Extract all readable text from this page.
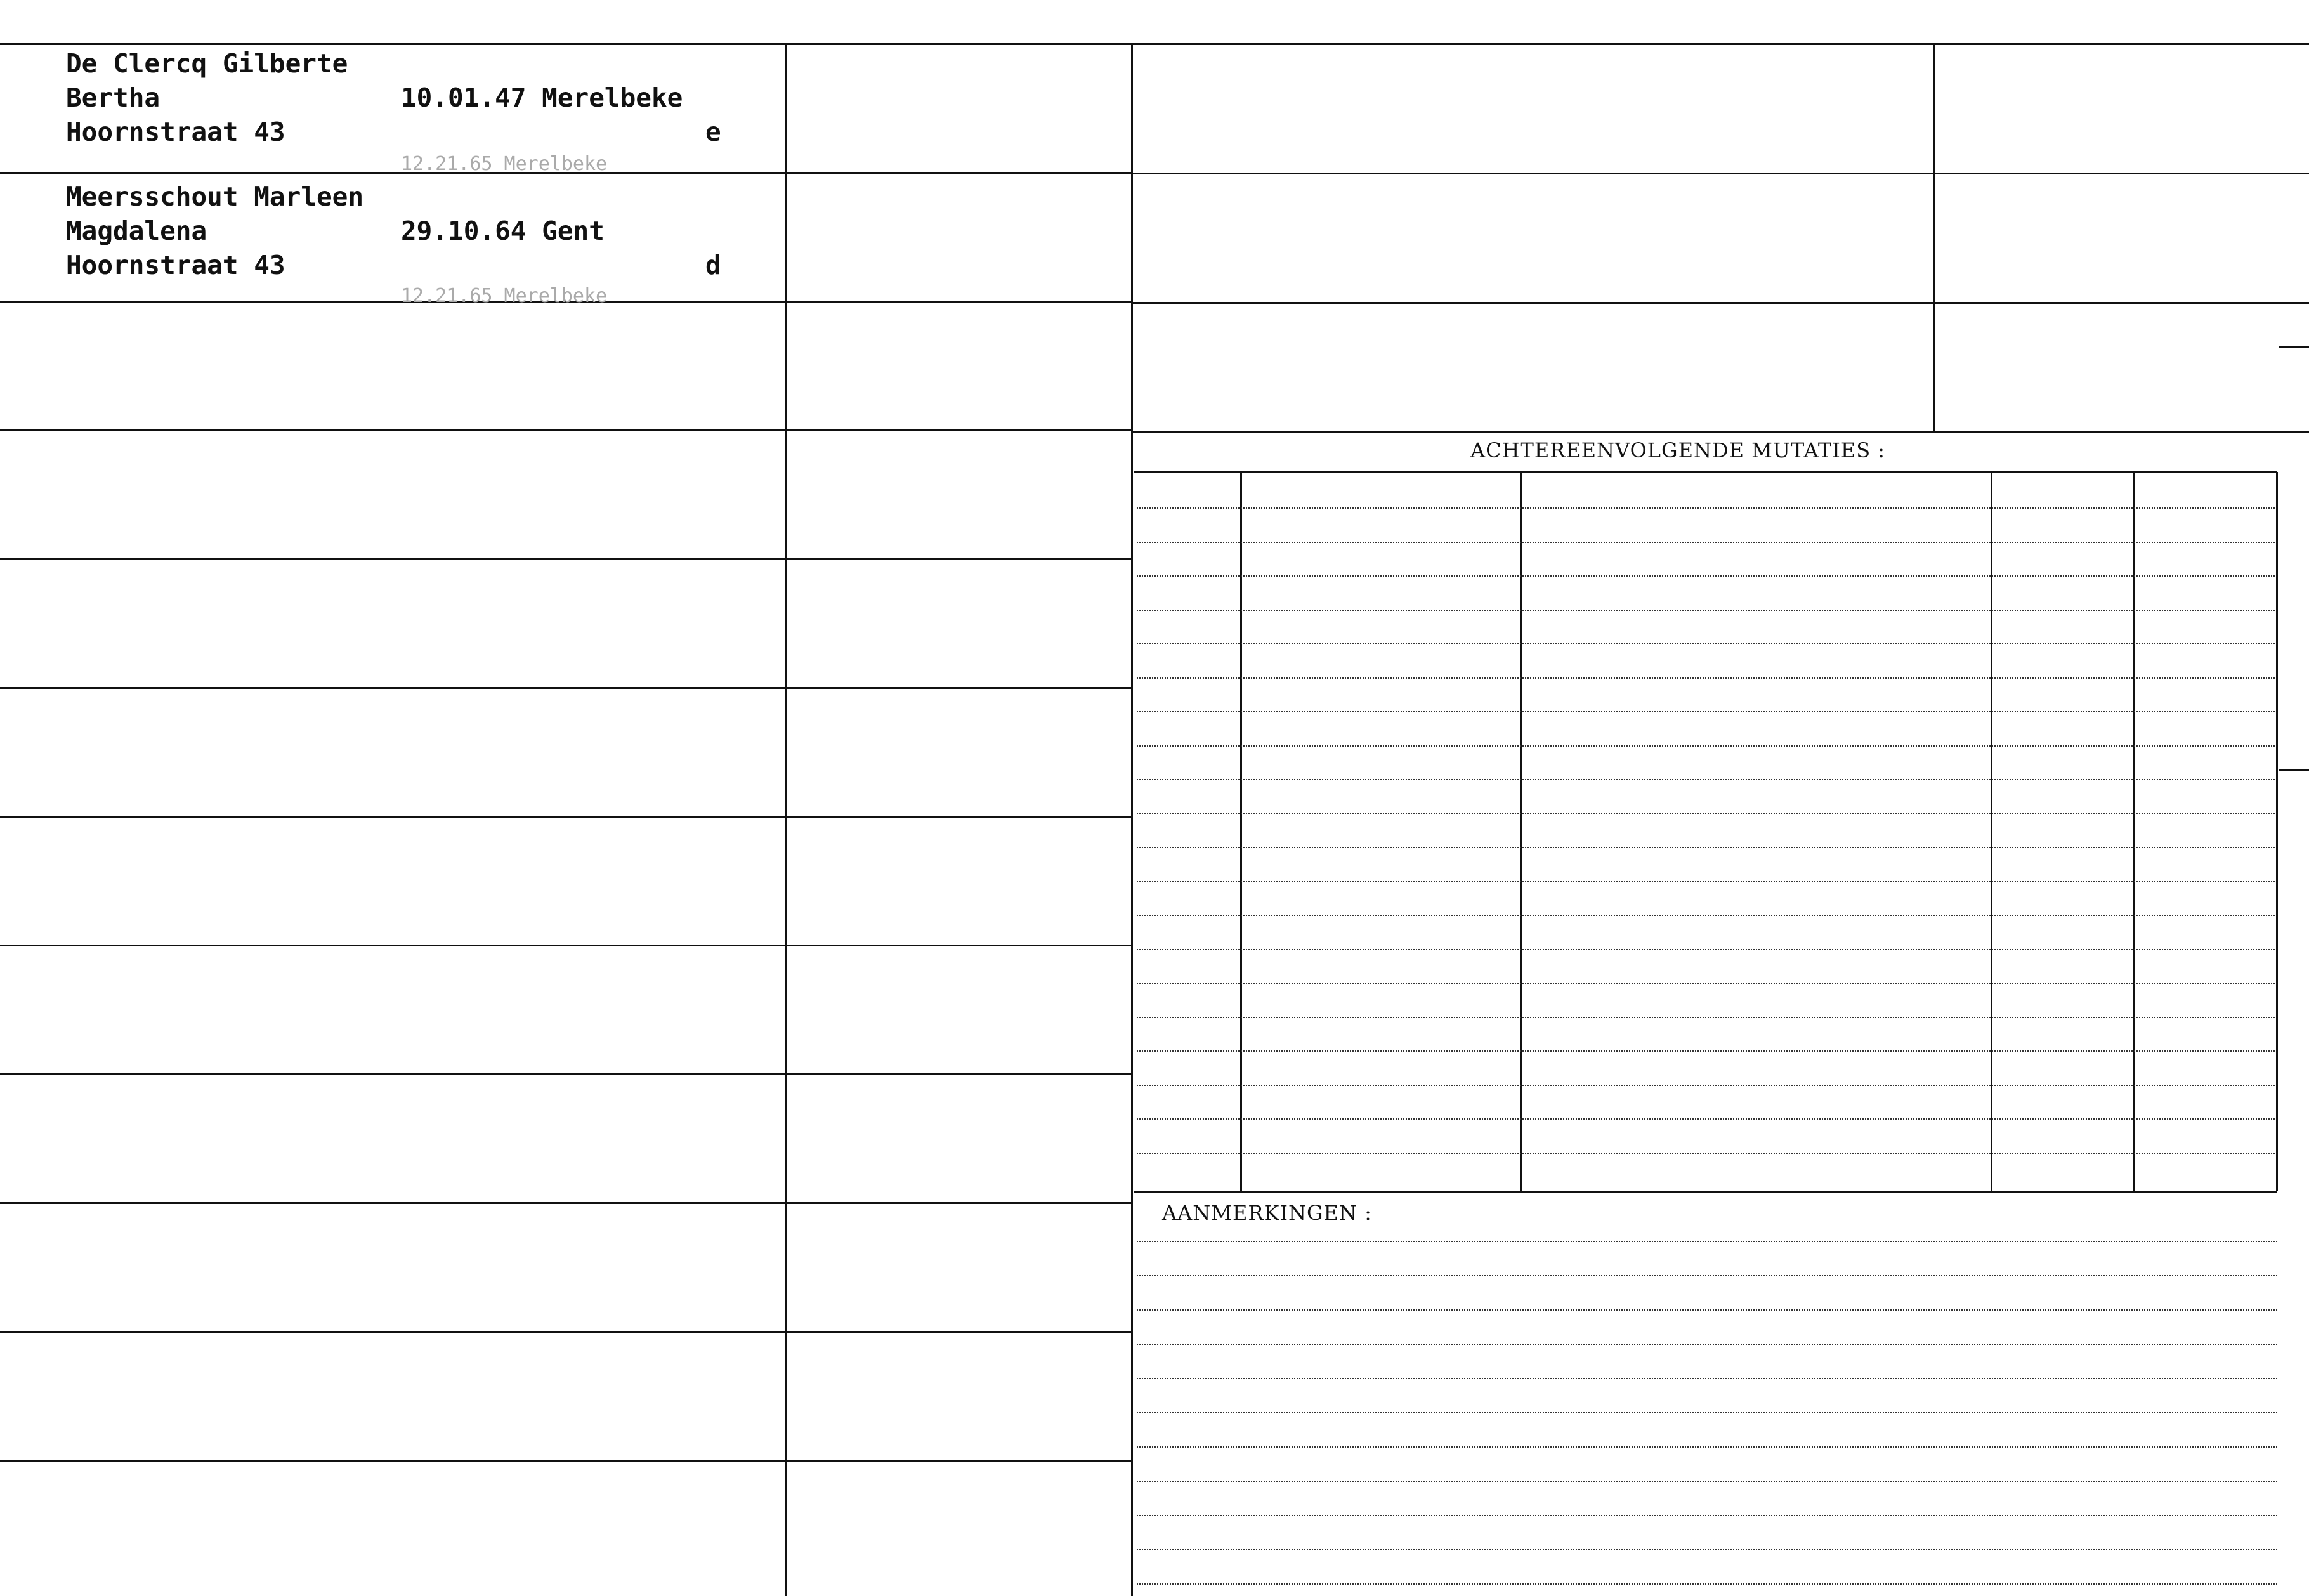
ACHTEREENVOLGENDE MUTATIES :
AANMERKINGEN :
De Clercq Gilberte
Bertha
Hoornstraat 43
10.01.47 Merelbeke
e
12.21.65 Merelbeke
Meersschout Marleen
Magdalena
Hoornstraat 43
29.10.64 Gent
d
12.21.65 Merelbeke
